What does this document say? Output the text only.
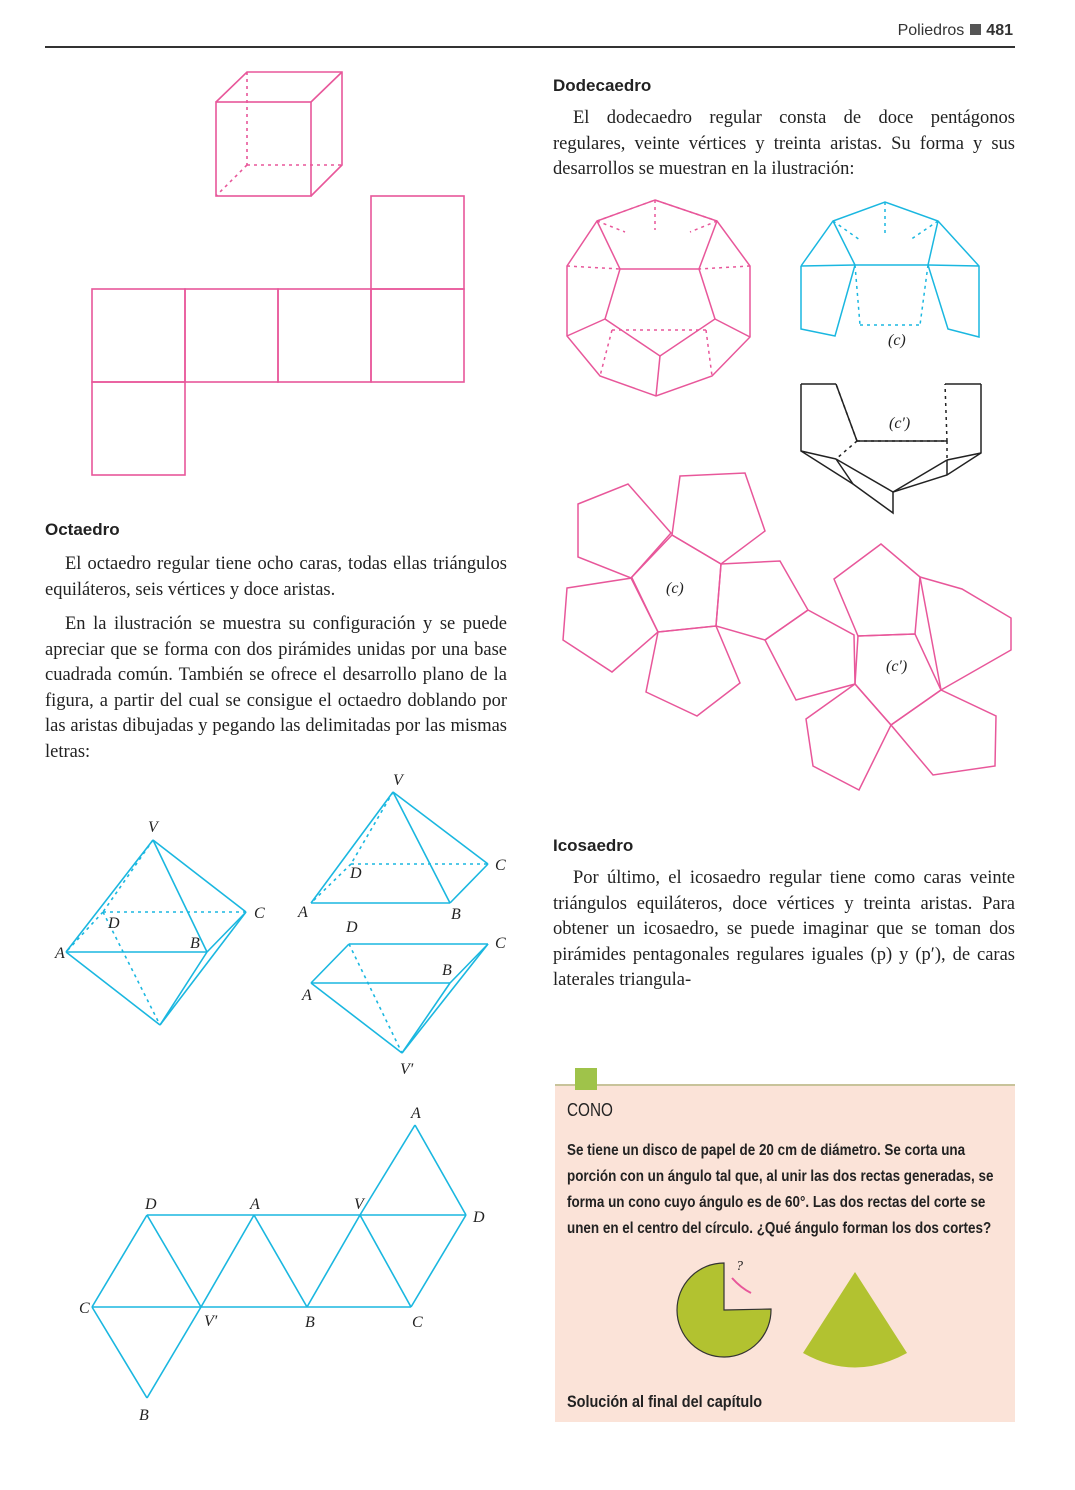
Poliedros 481
Octaedro

El octaedro regular tiene ocho caras, todas ellas triángulos equiláteros, seis vértices y doce aristas.

En la ilustración se muestra su configuración y se puede apreciar que se forma con dos pirámides unidas por una base cuadrada común. También se ofrece el desarrollo plano de la figura, a partir del cual se consigue el octaedro doblando por las aristas dibujadas y pegando las delimitadas por las mismas letras:

Dodecaedro

El dodecaedro regular consta de doce pentágonos regulares, veinte vértices y treinta aristas. Su forma y sus desarrollos se muestran en la ilustración:

Icosaedro

Por último, el icosaedro regular tiene como caras veinte triángulos equiláteros, doce vértices y treinta aristas. Para obtener un icosaedro, se puede imaginar que se toman dos pirámides pentagonales regulares iguales (p) y (p′), de caras laterales triangula-

CONO

Se tiene un disco de papel de 20 cm de diámetro. Se corta una porción con un ángulo tal que, al unir las dos rectas generadas, se forma un cono cuyo ángulo es de 60°. Las dos rectas del corte se unen en el centro del círculo. ¿Qué ángulo forman los dos cortes?

Solución al final del capítulo
V
A
B
C
D
V
A	B
C
D
D
A
B
C
V′
D	A	V
A
D
C
V′	B	C
B
(c)
(c′)
(c)
(c′)
?
